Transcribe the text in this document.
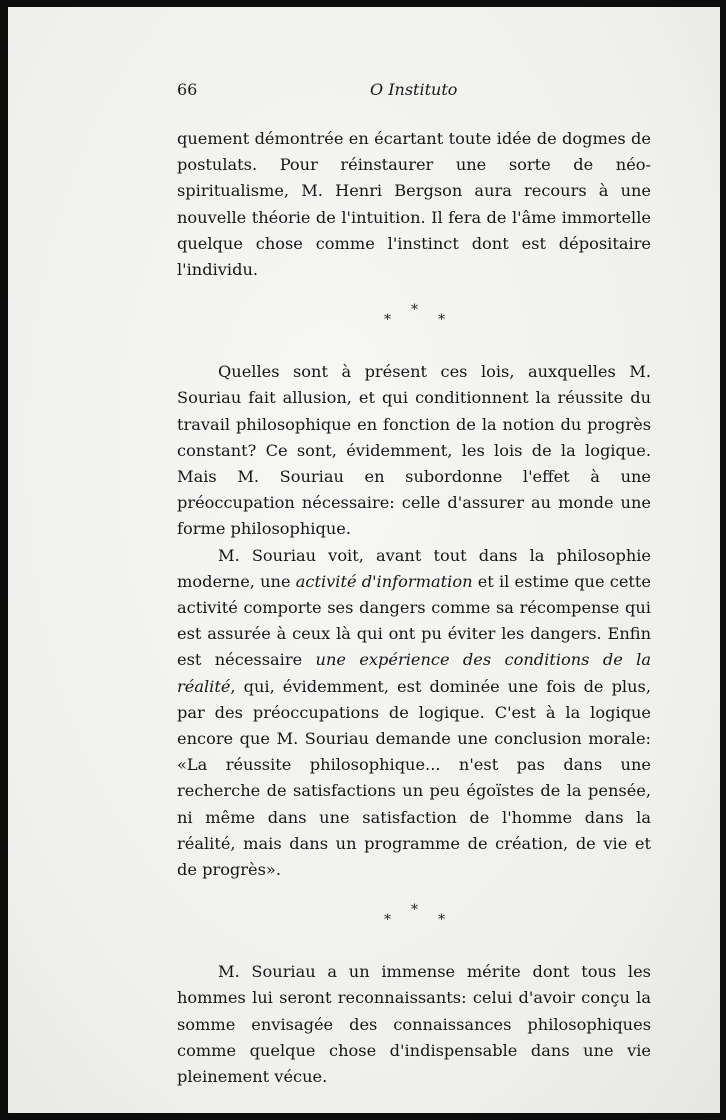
66	O Instituto

quement démontrée en écartant toute idée de dogmes de postulats. Pour réinstaurer une sorte de néo-spiritualisme, M. Henri Bergson aura recours à une nouvelle théorie de l'intuition. Il fera de l'âme immortelle quelque chose comme l'instinct dont est dépositaire l'individu.

*
*	*

Quelles sont à présent ces lois, auxquelles M. Souriau fait allusion, et qui conditionnent la réussite du travail philosophique en fonction de la notion du progrès constant? Ce sont, évidemment, les lois de la logique. Mais M. Souriau en subordonne l'effet à une préoccupation nécessaire: celle d'assurer au monde une forme philosophique.

M. Souriau voit, avant tout dans la philosophie moderne, une activité d'information et il estime que cette activité comporte ses dangers comme sa récompense qui est assurée à ceux là qui ont pu éviter les dangers. Enfin est nécessaire une expérience des conditions de la réalité, qui, évidemment, est dominée une fois de plus, par des préoccupations de logique. C'est à la logique encore que M. Souriau demande une conclusion morale: «La réussite philosophique... n'est pas dans une recherche de satisfactions un peu égoïstes de la pensée, ni même dans une satisfaction de l'homme dans la réalité, mais dans un programme de création, de vie et de progrès».

*
*	*

M. Souriau a un immense mérite dont tous les hommes lui seront reconnaissants: celui d'avoir conçu la somme envisagée des connaissances philosophiques comme quelque chose d'indispensable dans une vie pleinement vécue.
